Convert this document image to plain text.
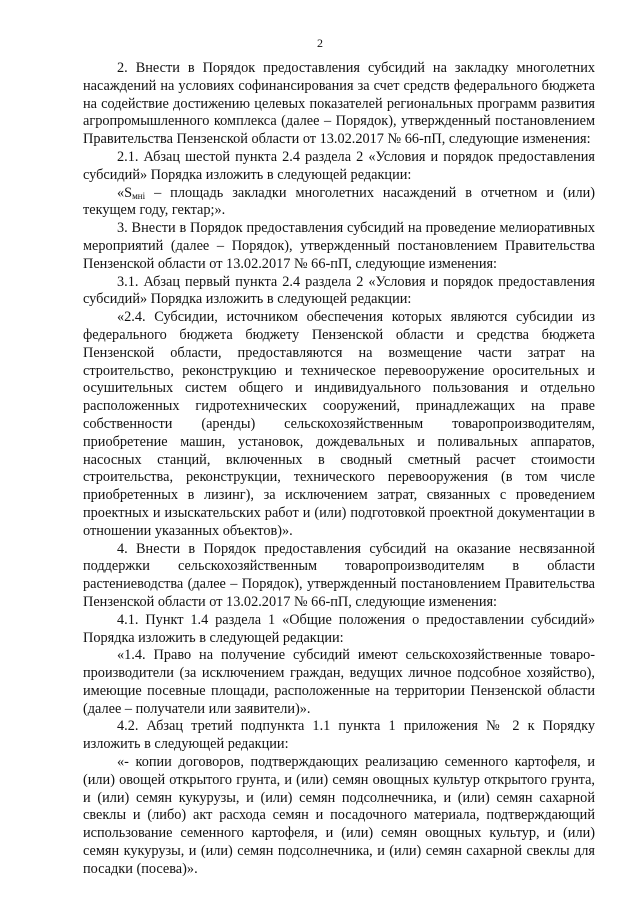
2

2. Внести в Порядок предоставления субсидий на закладку многолетних насаждений на условиях софинансирования за счет средств федерального бюджета на содействие достижению целевых показателей региональных программ развития агропромышленного комплекса (далее – Порядок), утвержденный постановлением Правительства Пензенской области от 13.02.2017 № 66-пП, следующие изменения:

2.1. Абзац шестой пункта 2.4 раздела 2 «Условия и порядок предоставления субсидий» Порядка изложить в следующей редакции:

«$S_{мні}$ – площадь закладки многолетних насаждений в отчетном и (или) текущем году, гектар;».

3. Внести в Порядок предоставления субсидий на проведение мелиоративных мероприятий (далее – Порядок), утвержденный постановлением Правительства Пензенской области от 13.02.2017 № 66-пП, следующие изменения:

3.1. Абзац первый пункта 2.4 раздела 2 «Условия и порядок предоставления субсидий» Порядка изложить в следующей редакции:

«2.4. Субсидии, источником обеспечения которых являются субсидии из федерального бюджета бюджету Пензенской области и средства бюджета Пензенской области, предоставляются на возмещение части затрат на строительство, реконструкцию и техническое перевооружение оросительных и осушительных систем общего и индивидуального пользования и отдельно расположенных гидротехнических сооружений, принадлежащих на праве собственности (аренды) сельскохозяйственным товаропроизводителям, приобретение машин, установок, дождевальных и поливальных аппаратов, насосных станций, включенных в сводный сметный расчет стоимости строительства, реконструкции, технического перевооружения (в том числе приобретенных в лизинг), за исключением затрат, связанных с проведением проектных и изыскательских работ и (или) подготовкой проектной документации в отношении указанных объектов)».

4. Внести в Порядок предоставления субсидий на оказание несвязанной поддержки сельскохозяйственным товаропроизводителям в области растениеводства (далее – Порядок), утвержденный постановлением Правительства Пензенской области от 13.02.2017 № 66-пП, следующие изменения:

4.1. Пункт 1.4 раздела 1 «Общие положения о предоставлении субсидий» Порядка изложить в следующей редакции:

«1.4. Право на получение субсидий имеют сельскохозяйственные товаро-производители (за исключением граждан, ведущих личное подсобное хозяйство), имеющие посевные площади, расположенные на территории Пензенской области (далее – получатели или заявители)».

4.2. Абзац третий подпункта 1.1 пункта 1 приложения № 2 к Порядку изложить в следующей редакции:

«- копии договоров, подтверждающих реализацию семенного картофеля, и (или) овощей открытого грунта, и (или) семян овощных культур открытого грунта, и (или) семян кукурузы, и (или) семян подсолнечника, и (или) семян сахарной свеклы и (либо) акт расхода семян и посадочного материала, подтверждающий использование семенного картофеля, и (или) семян овощных культур, и (или) семян кукурузы, и (или) семян подсолнечника, и (или) семян сахарной свеклы для посадки (посева)».
